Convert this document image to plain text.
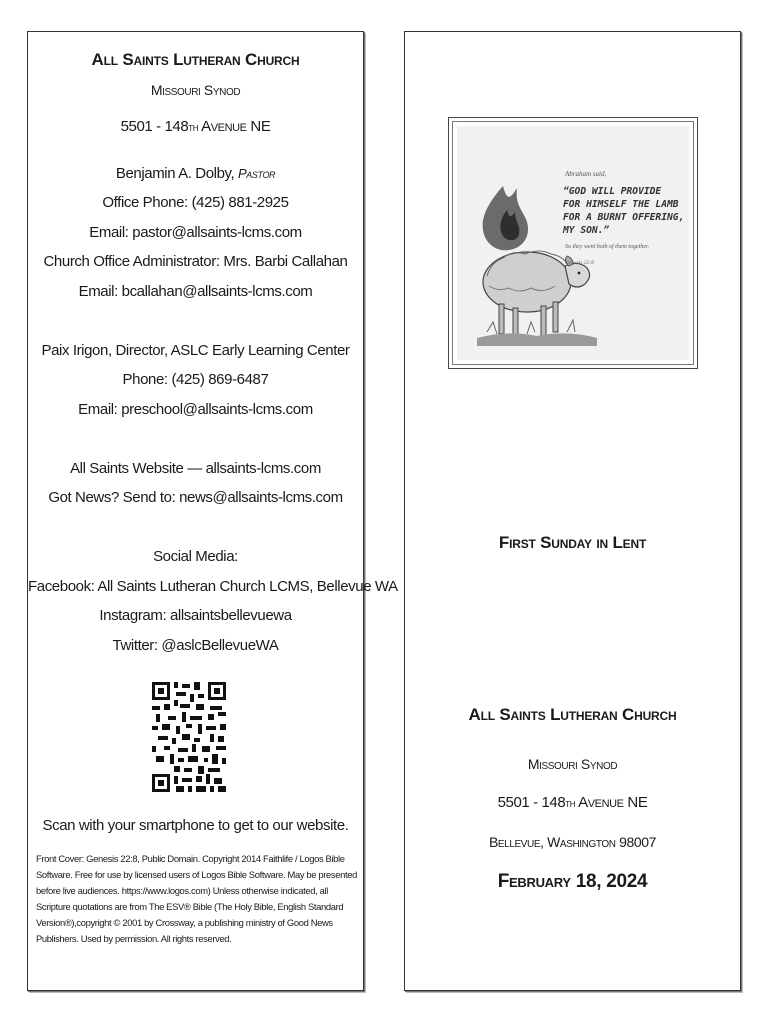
All Saints Lutheran Church
Missouri Synod
5501 - 148th Avenue NE
Benjamin A. Dolby, Pastor
Office Phone: (425) 881-2925
Email: pastor@allsaints-lcms.com
Church Office Administrator: Mrs. Barbi Callahan
Email: bcallahan@allsaints-lcms.com
Paix Irigon, Director, ASLC Early Learning Center
Phone: (425) 869-6487
Email: preschool@allsaints-lcms.com
All Saints Website — allsaints-lcms.com
Got News? Send to: news@allsaints-lcms.com
Social Media:
Facebook: All Saints Lutheran Church LCMS, Bellevue WA
Instagram: allsaintsbellevuewa
Twitter: @aslcBellevueWA
Scan with your smartphone to get to our website.
Front Cover: Genesis 22:8, Public Domain. Copyright 2014 Faithlife / Logos Bible Software. Free for use by licensed users of Logos Bible Software. May be presented before live audiences. https://www.logos.com) Unless otherwise indicated, all Scripture quotations are from The ESV® Bible (The Holy Bible, English Standard Version®),copyright © 2001 by Crossway, a publishing ministry of Good News Publishers. Used by permission. All rights reserved.
Abraham said,
“GOD WILL PROVIDE
FOR HIMSELF THE LAMB
FOR A BURNT OFFERING,
MY SON.”
So they went both of them together.
Genesis 22:8
First Sunday in Lent
All Saints Lutheran Church
Missouri Synod
5501 - 148th Avenue NE
Bellevue, Washington 98007
February 18, 2024
